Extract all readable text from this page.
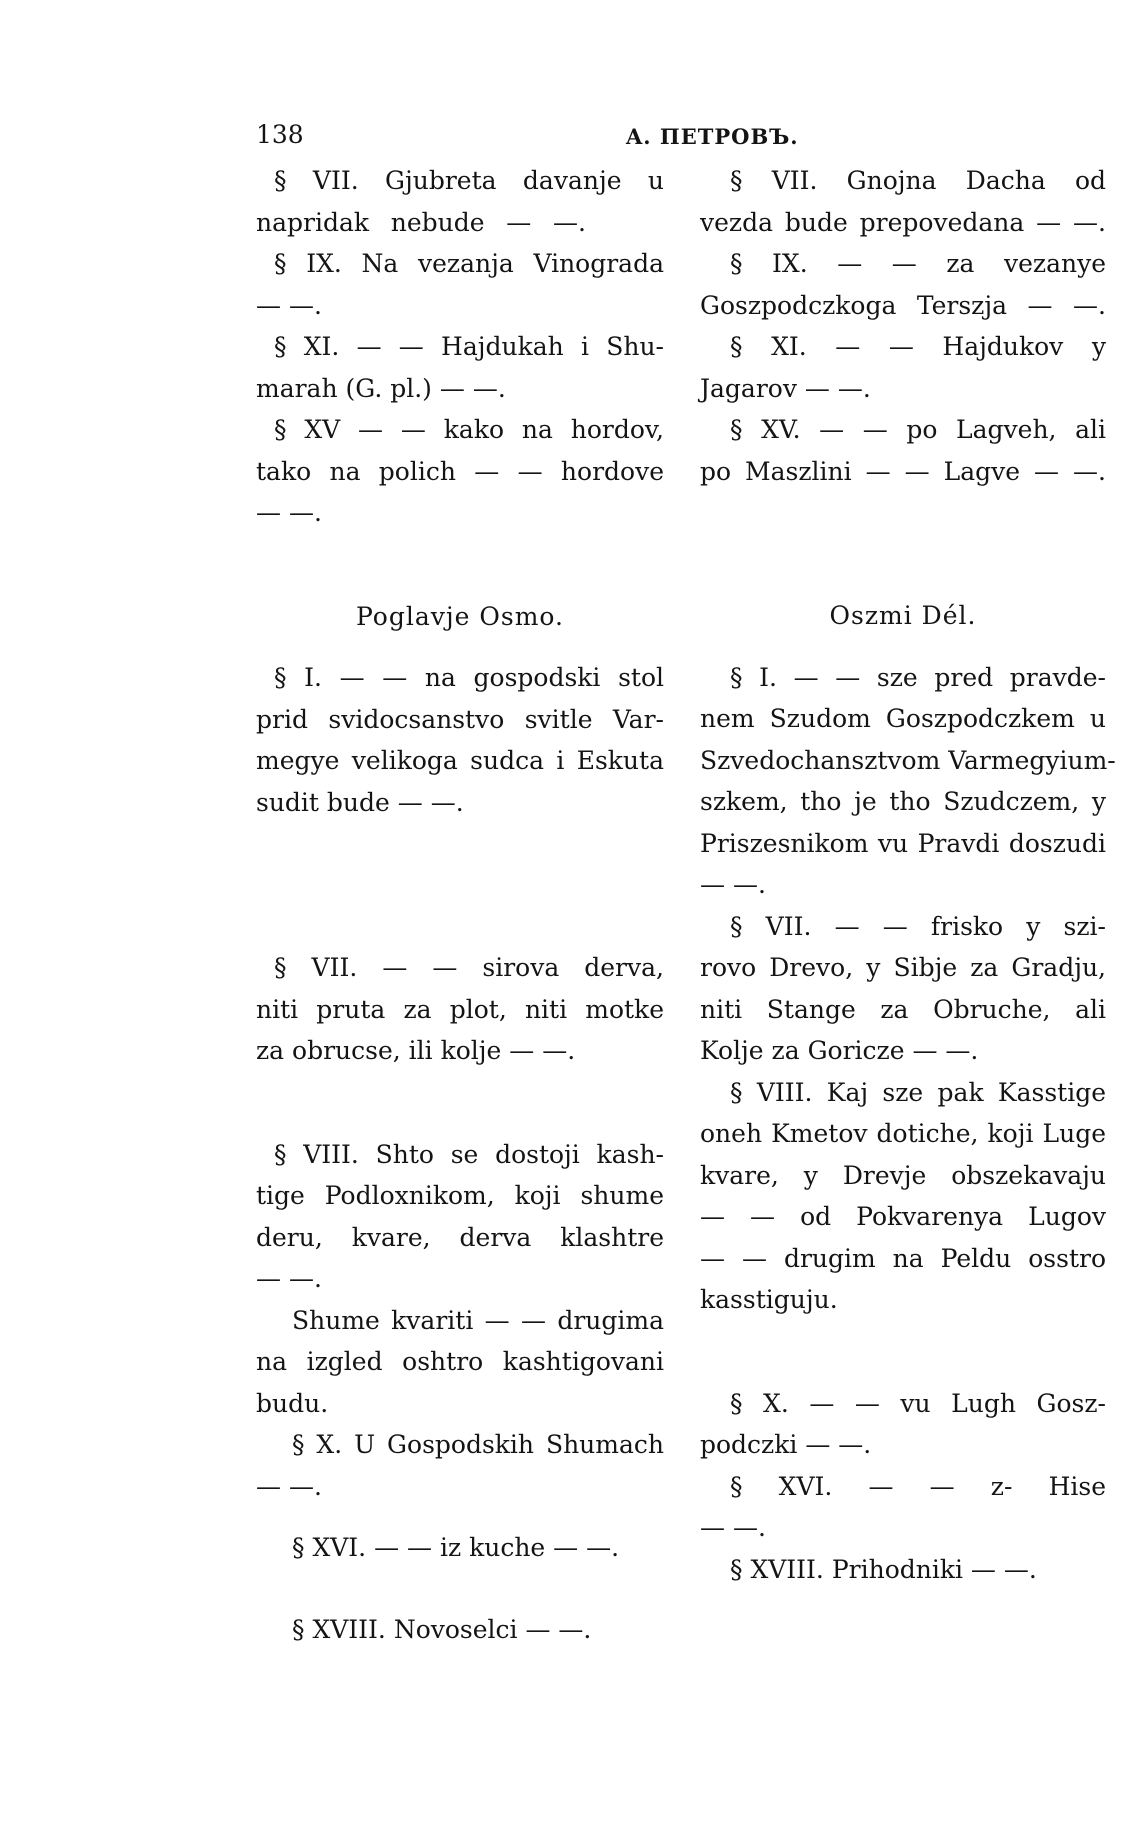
138	A. ПЕТРОВЪ.

§ VII. Gjubreta davanje u
napridak nebude — —.
§ IX. Na vezanja Vinograda
— —.
§ XI. — — Hajdukah i Shu-
marah (G. pl.) — —.
§ XV — — kako na hordov,
tako na polich — — hordove
— —.

Poglavje Osmo.

§ I. — — na gospodski stol
prid svidocsanstvo svitle Var-
megye velikoga sudca i Eskuta
sudit bude — —.

§ VII. — — sirova derva,
niti pruta za plot, niti motke
za obrucse, ili kolje — —.

§ VIII. Shto se dostoji kash-
tige Podloxnikom, koji shume
deru, kvare, derva klashtre
— —.
Shume kvariti — — drugima
na izgled oshtro kashtigovani
budu.
§ X. U Gospodskih Shumach
— —.

§ XVI. — — iz kuche — —.

§ XVIII. Novoselci — —.

§ VII. Gnojna Dacha od
vezda bude prepovedana — —.
§ IX. — — za vezanye
Goszpodczkoga Terszja — —.
§ XI. — — Hajdukov y
Jagarov — —.
§ XV. — — po Lagveh, ali
po Maszlini — — Lagve — —.

Oszmi Dél.

§ I. — — sze pred pravde-
nem Szudom Goszpodczkem u
Szvedochansztvom Varmegyium-
szkem, tho je tho Szudczem, y
Priszesnikom vu Pravdi doszudi
— —.

§ VII. — — frisko y szi-
rovo Drevo, y Sibje za Gradju,
niti Stange za Obruche, ali
Kolje za Goricze — —.

§ VIII. Kaj sze pak Kasstige
oneh Kmetov dotiche, koji Luge
kvare, y Drevje obszekavaju
— — od Pokvarenya Lugov
— — drugim na Peldu osstro
kasstiguju.

§ X. — — vu Lugh Gosz-
podczki — —.
§ XVI. — — z- Hise
— —.

§ XVIII. Prihodniki — —.
